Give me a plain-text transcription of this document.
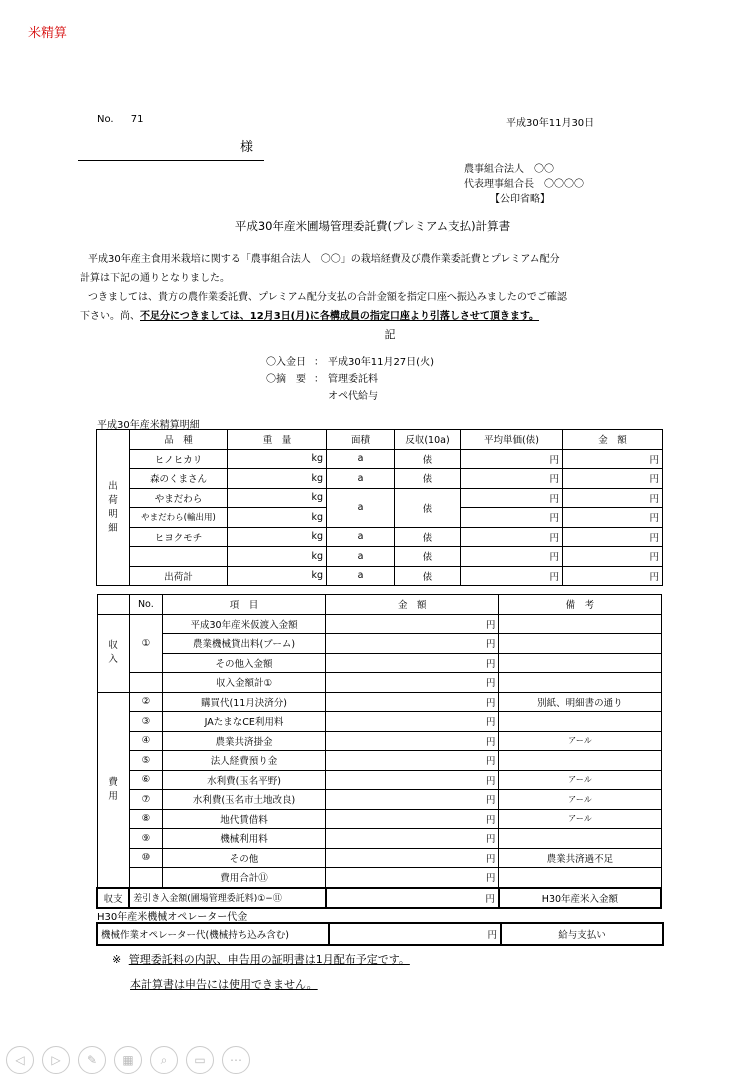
米精算
No. 71	平成30年11月30日
様
農事組合法人　〇〇
代表理事組合長　〇〇〇〇
【公印省略】
平成30年産米圃場管理委託費(プレミアム支払)計算書

平成30年産主食用米栽培に関する「農事組合法人　〇〇」の栽培経費及び農作業委託費とプレミアム配分

計算は下記の通りとなりました。

つきましては、貴方の農作業委託費、プレミアム配分支払の合計金額を指定口座へ振込みましたのでご確認

下さい。尚、不足分につきましては、12月3日(月)に各構成員の指定口座より引落しさせて頂きます。

記
〇入金日	：	平成30年11月27日(火)
〇摘　要	：	管理委託料
		オペ代給与
平成30年産米精算明細
出
荷
明
細	品　種	重　量	面積	反収(10a)	平均単価(俵)	金　額
	ヒノヒカリ	kg	a	俵	円	円
	森のくまさん	kg	a	俵	円	円
	やまだわら	kg	a	俵	円	円
	やまだわら(輸出用)	kg			円	円
	ヒヨクモチ	kg	a	俵	円	円
		kg	a	俵	円	円
	出荷計	kg	a	俵	円	円
	No.	項　目	金　額	備　考
収
入	①	平成30年産米仮渡入金額	円	
		農業機械貸出料(ブーム)	円	
		その他入金額	円	
		収入金額計①	円	
費
用	②	購買代(11月決済分)	円	別紙、明細書の通り
	③	JAたまなCE利用料	円	
	④	農業共済掛金	円	アール
	⑤	法人経費預り金	円	
	⑥	水利費(玉名平野)	円	アール
	⑦	水利費(玉名市土地改良)	円	アール
	⑧	地代賃借料	円	アール
	⑨	機械利用料	円	
	⑩	その他	円	農業共済過不足
		費用合計⑪	円	
収支	差引き入金額(圃場管理委託料)①−⑪		円	H30年産米入金額
H30年産米機械オペレーター代金
機械作業オペレーター代(機械持ち込み含む)	円	給与支払い
※ 管理委託料の内訳、申告用の証明書は1月配布予定です。
本計算書は申告には使用できません。
◁	▷	✎	▦	⌕	▭	⋯
